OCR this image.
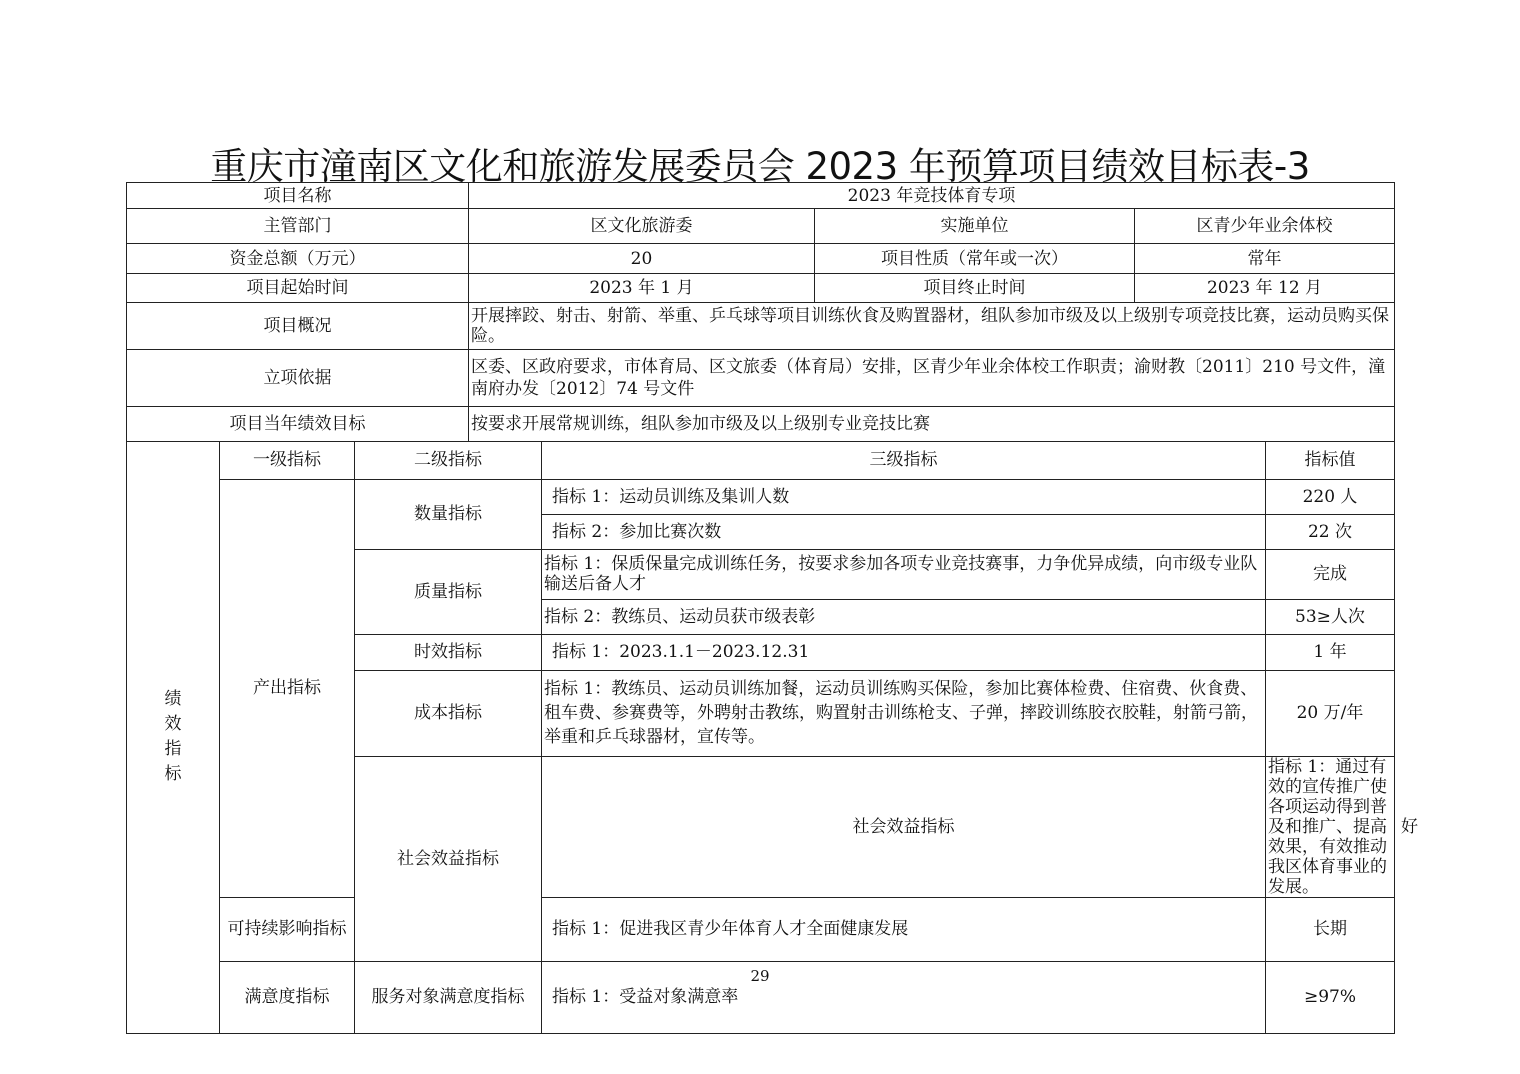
重庆市潼南区文化和旅游发展委员会 2023 年预算项目绩效目标表-3
项目名称	2023 年竞技体育专项		
主管部门	区文化旅游委	实施单位	区青少年业余体校
资金总额（万元）	20	项目性质（常年或一次）	常年
项目起始时间	2023 年 1 月	项目终止时间	2023 年 12 月
项目概况	开展摔跤、射击、射箭、举重、乒乓球等项目训练伙食及购置器材，组队参加市级及以上级别专项竞技比赛，运动员购买保险。		
立项依据	区委、区政府要求，市体育局、区文旅委（体育局）安排，区青少年业余体校工作职责；渝财教〔2011〕210 号文件，潼南府办发〔2012〕74 号文件		
项目当年绩效目标	按要求开展常规训练，组队参加市级及以上级别专业竞技比赛		
绩效指标	一级指标	二级指标	三级指标	指标值	
	产出指标	数量指标	指标 1：运动员训练及集训人数	220 人	
			指标 2：参加比赛次数	22 次	
		质量指标	指标 1：保质保量完成训练任务，按要求参加各项专业竞技赛事，力争优异成绩，向市级专业队输送后备人才	完成	
			指标 2：教练员、运动员获市级表彰	53≥人次	
		时效指标	指标 1：2023.1.1－2023.12.31	1 年	
		成本指标	指标 1：教练员、运动员训练加餐，运动员训练购买保险，参加比赛体检费、住宿费、伙食费、租车费、参赛费等，外聘射击教练，购置射击训练枪支、子弹，摔跤训练胶衣胶鞋，射箭弓箭，举重和乒乓球器材，宣传等。	20 万/年	
		社会效益指标	社会效益指标	指标 1：通过有效的宣传推广使各项运动得到普及和推广、提高效果，有效推动我区体育事业的发展。	好
	可持续影响指标		指标 1：促进我区青少年体育人才全面健康发展	长期	
	满意度指标	服务对象满意度指标	指标 1：受益对象满意率	≥97%	
29
